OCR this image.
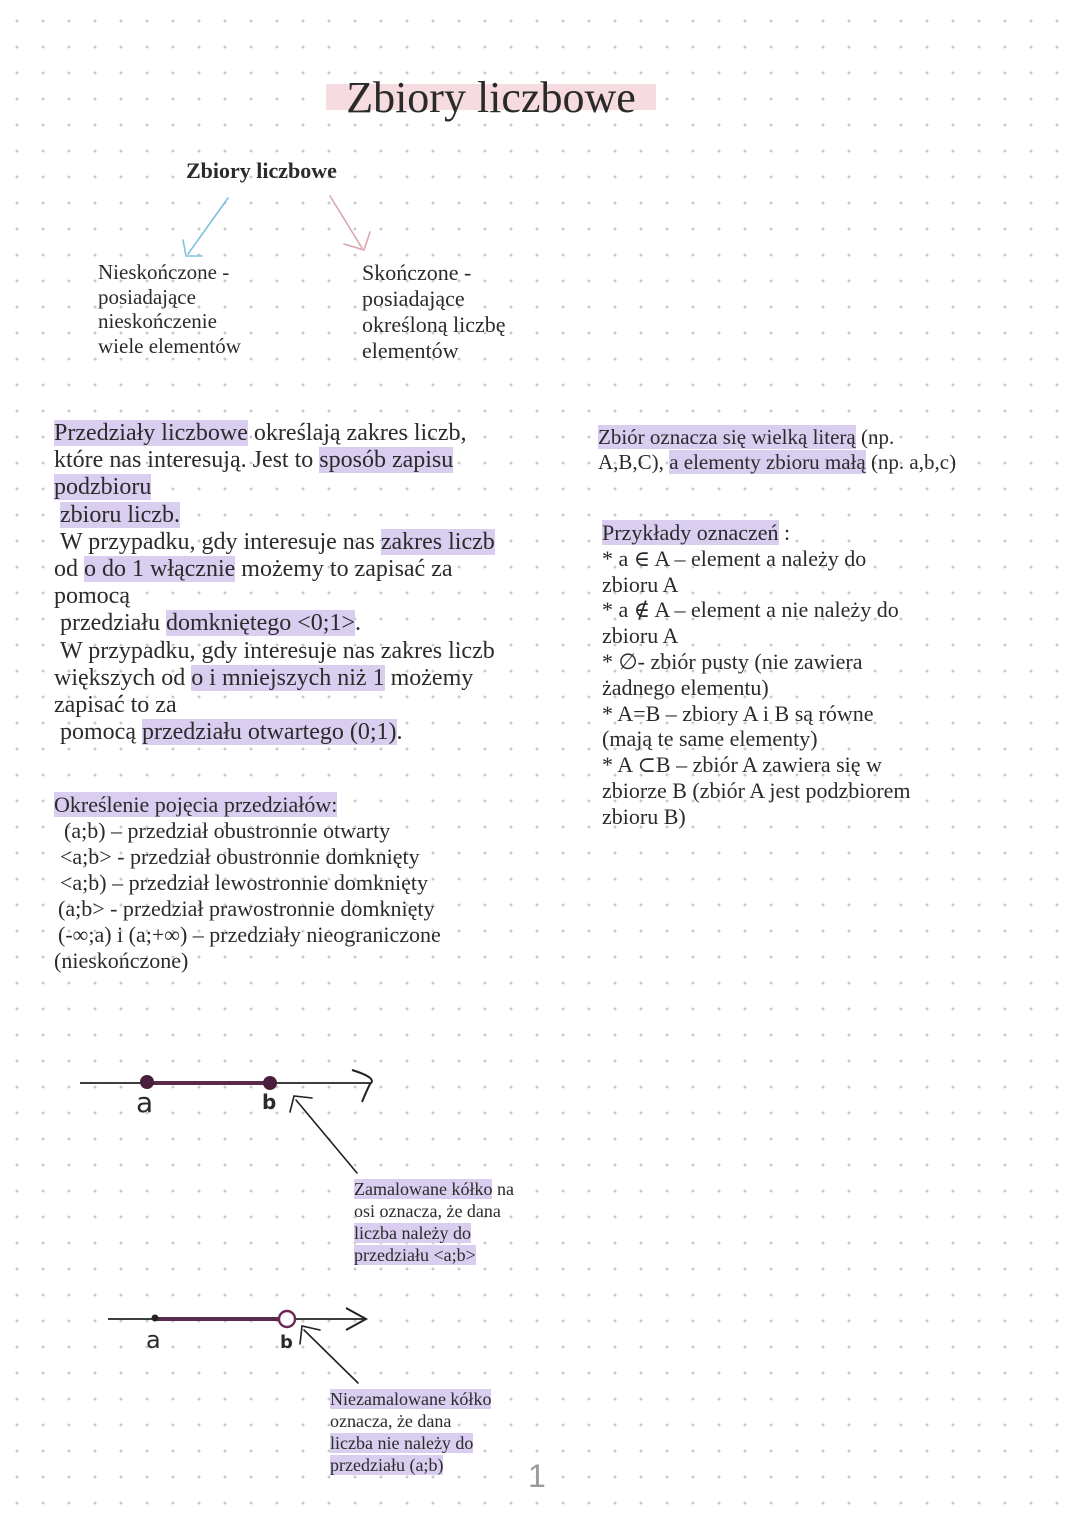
Zbiory liczbowe
Zbiory liczbowe
Nieskończone -
posiadające
nieskończenie
wiele elementów
Skończone -
posiadające
określoną liczbę
elementów
Przedziały liczbowe określają zakres liczb,
które nas interesują. Jest to sposób zapisu
podzbioru
zbioru liczb.
W przypadku, gdy interesuje nas zakres liczb
od o do 1 włącznie możemy to zapisać za
pomocą
przedziału domkniętego <0;1>.
W przypadku, gdy interesuje nas zakres liczb
większych od o i mniejszych niż 1 możemy
zapisać to za
pomocą przedziału otwartego (0;1).
Określenie pojęcia przedziałów:
(a;b) – przedział obustronnie otwarty
<a;b> - przedział obustronnie domknięty
<a;b) – przedział lewostronnie domknięty
(a;b> - przedział prawostronnie domknięty
(-∞;a) i (a;+∞) – przedziały nieograniczone
(nieskończone)
Zbiór oznacza się wielką literą (np.
A,B,C), a elementy zbioru małą (np. a,b,c)
Przykłady oznaczeń :
* a ∈ A – element a należy do
zbioru A
* a ∉ A – element a nie należy do
zbioru A
* ∅- zbiór pusty (nie zawiera
żadnego elementu)
* A=B – zbiory A i B są równe
(mają te same elementy)
* A ⊂B – zbiór A zawiera się w
zbiorze B (zbiór A jest podzbiorem
zbioru B)
a	b
Zamalowane kółko na
osi oznacza, że dana
liczba należy do
przedziału <a;b>
a	b
Niezamalowane kółko
oznacza, że dana
liczba nie należy do
przedziału (a;b)	1
